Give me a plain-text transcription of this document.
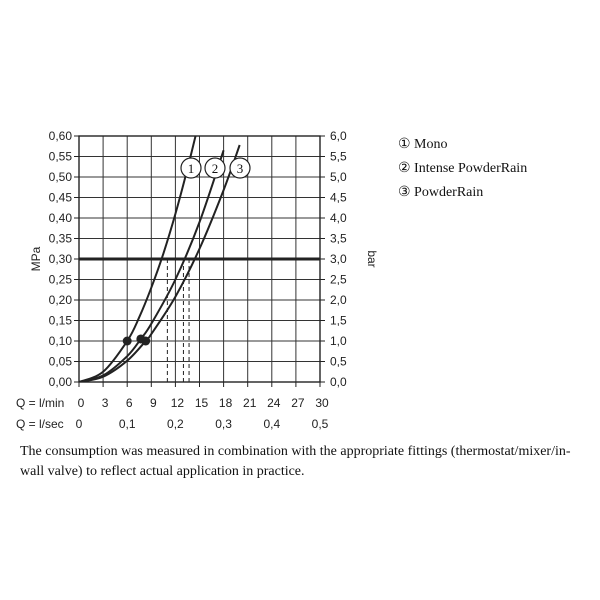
0,00
0,05
0,10
0,15
0,20
0,25
0,30
0,35
0,40
0,45
0,50
0,55
0,60
0,0
0,5
1,0
1,5
2,0
2,5
3,0
3,5
4,0
4,5
5,0
5,5
6,0
0 3 6 9 12 15 18 21 24 27 30
0	0,1	0,2	0,3	0,4	0,5
MPa	bar
Q = l/min
Q = l/sec
1 2 3
① Mono
② Intense PowderRain
③ PowderRain
The consumption was measured in combination with the appropriate fittings (thermostat/mixer/in-wall valve) to reflect actual application in practice.
